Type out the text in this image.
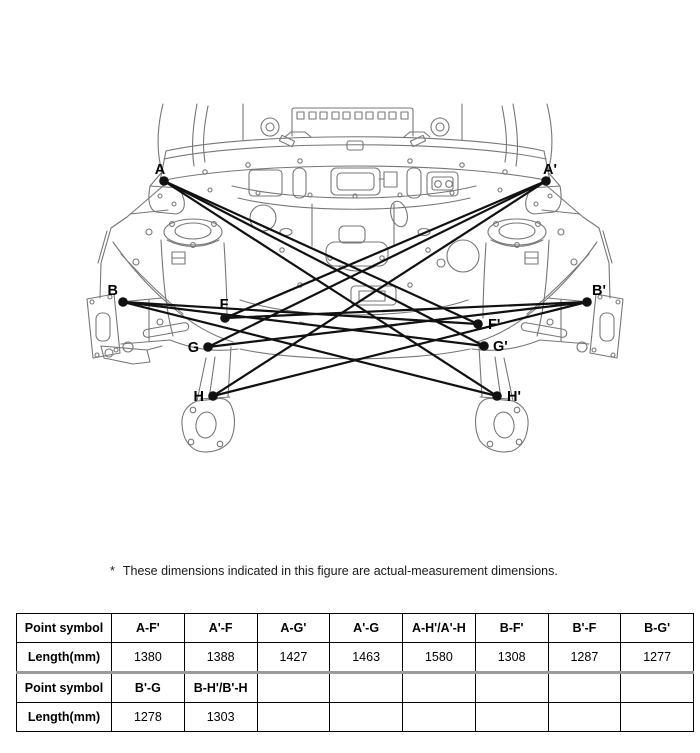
A	A'
B	B'
F
F'
G	G'
H	H'
* These dimensions indicated in this figure are actual-measurement dimensions.
Point symbol	A-F'	A'-F	A-G'	A'-G	A-H'/A'-H	B-F'	B'-F	B-G'
Length(mm)	1380	1388	1427	1463	1580	1308	1287	1277
Point symbol	B'-G	B-H'/B'-H						
Length(mm)	1278	1303						
